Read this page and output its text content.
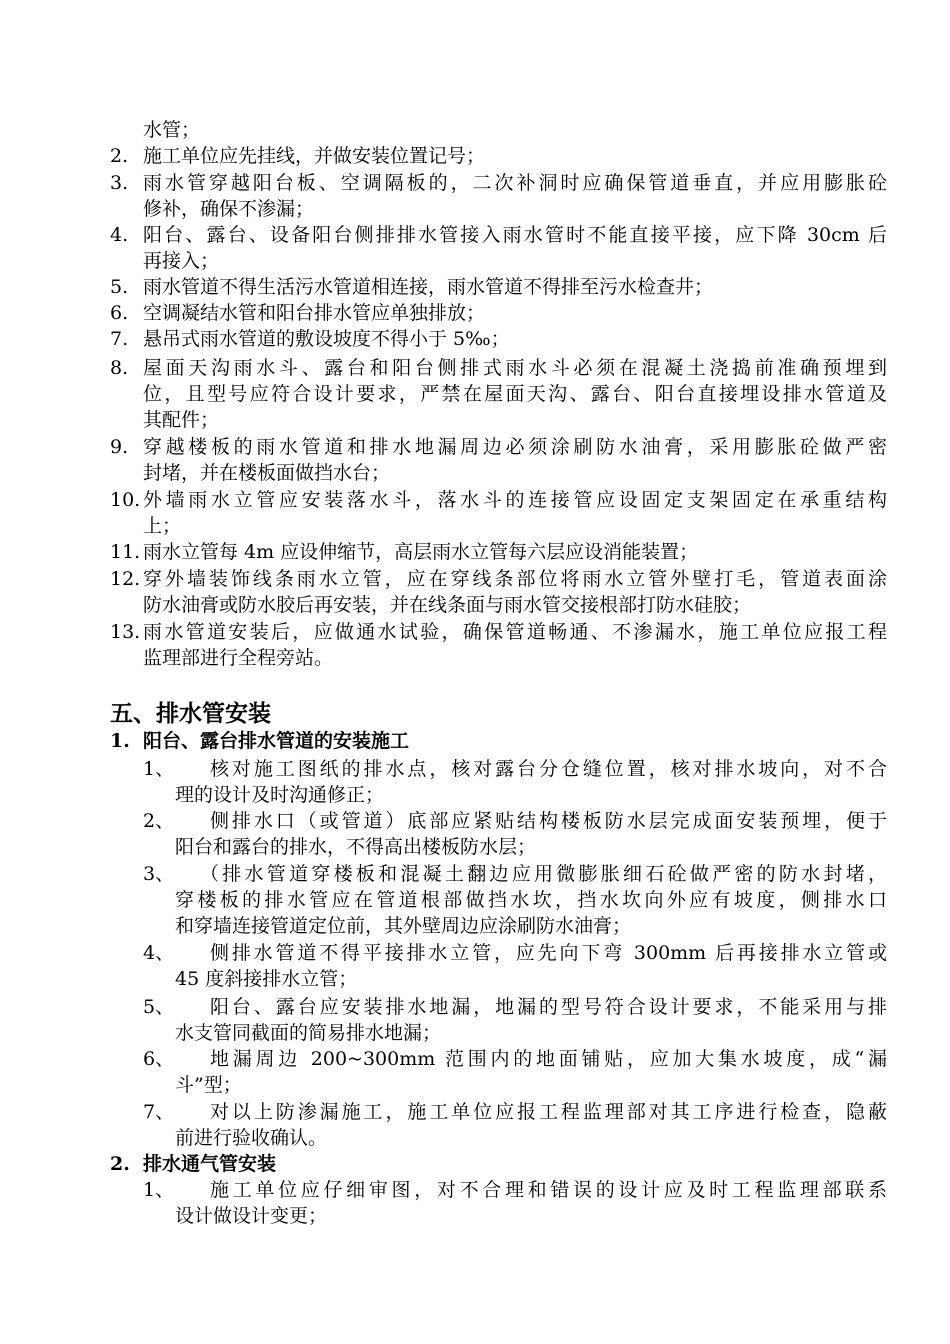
水管；
2. 施工单位应先挂线，并做安装位置记号；
3. 雨水管穿越阳台板、空调隔板的，二次补洞时应确保管道垂直，并应用膨胀砼
修补，确保不渗漏；
4. 阳台、露台、设备阳台侧排排水管接入雨水管时不能直接平接，应下降 30cm 后
再接入；
5. 雨水管道不得生活污水管道相连接，雨水管道不得排至污水检查井；
6. 空调凝结水管和阳台排水管应单独排放；
7. 悬吊式雨水管道的敷设坡度不得小于 5‰；
8. 屋面天沟雨水斗、露台和阳台侧排式雨水斗必须在混凝土浇捣前准确预埋到
位，且型号应符合设计要求，严禁在屋面天沟、露台、阳台直接埋设排水管道及
其配件；
9. 穿越楼板的雨水管道和排水地漏周边必须涂刷防水油膏，采用膨胀砼做严密
封堵，并在楼板面做挡水台；
10. 外墙雨水立管应安装落水斗，落水斗的连接管应设固定支架固定在承重结构
上；
11. 雨水立管每 4m 应设伸缩节，高层雨水立管每六层应设消能装置；
12. 穿外墙装饰线条雨水立管，应在穿线条部位将雨水立管外壁打毛，管道表面涂
防水油膏或防水胶后再安装，并在线条面与雨水管交接根部打防水硅胶；
13. 雨水管道安装后，应做通水试验，确保管道畅通、不渗漏水，施工单位应报工程
监理部进行全程旁站。
五、排水管安装
1. 阳台、露台排水管道的安装施工
1、 核对施工图纸的排水点，核对露台分仓缝位置，核对排水坡向，对不合
理的设计及时沟通修正；
2、 侧排水口（或管道）底部应紧贴结构楼板防水层完成面安装预埋，便于
阳台和露台的排水，不得高出楼板防水层；
3、 （排水管道穿楼板和混凝土翻边应用微膨胀细石砼做严密的防水封堵，
穿楼板的排水管应在管道根部做挡水坎，挡水坎向外应有坡度，侧排水口
和穿墙连接管道定位前，其外壁周边应涂刷防水油膏；
4、 侧排水管道不得平接排水立管，应先向下弯 300mm 后再接排水立管或
45 度斜接排水立管；
5、 阳台、露台应安装排水地漏，地漏的型号符合设计要求，不能采用与排
水支管同截面的简易排水地漏；
6、 地漏周边 200~300mm 范围内的地面铺贴，应加大集水坡度，成“漏
斗”型；
7、 对以上防渗漏施工，施工单位应报工程监理部对其工序进行检查，隐蔽
前进行验收确认。
2. 排水通气管安装
1、 施工单位应仔细审图，对不合理和错误的设计应及时工程监理部联系
设计做设计变更；
